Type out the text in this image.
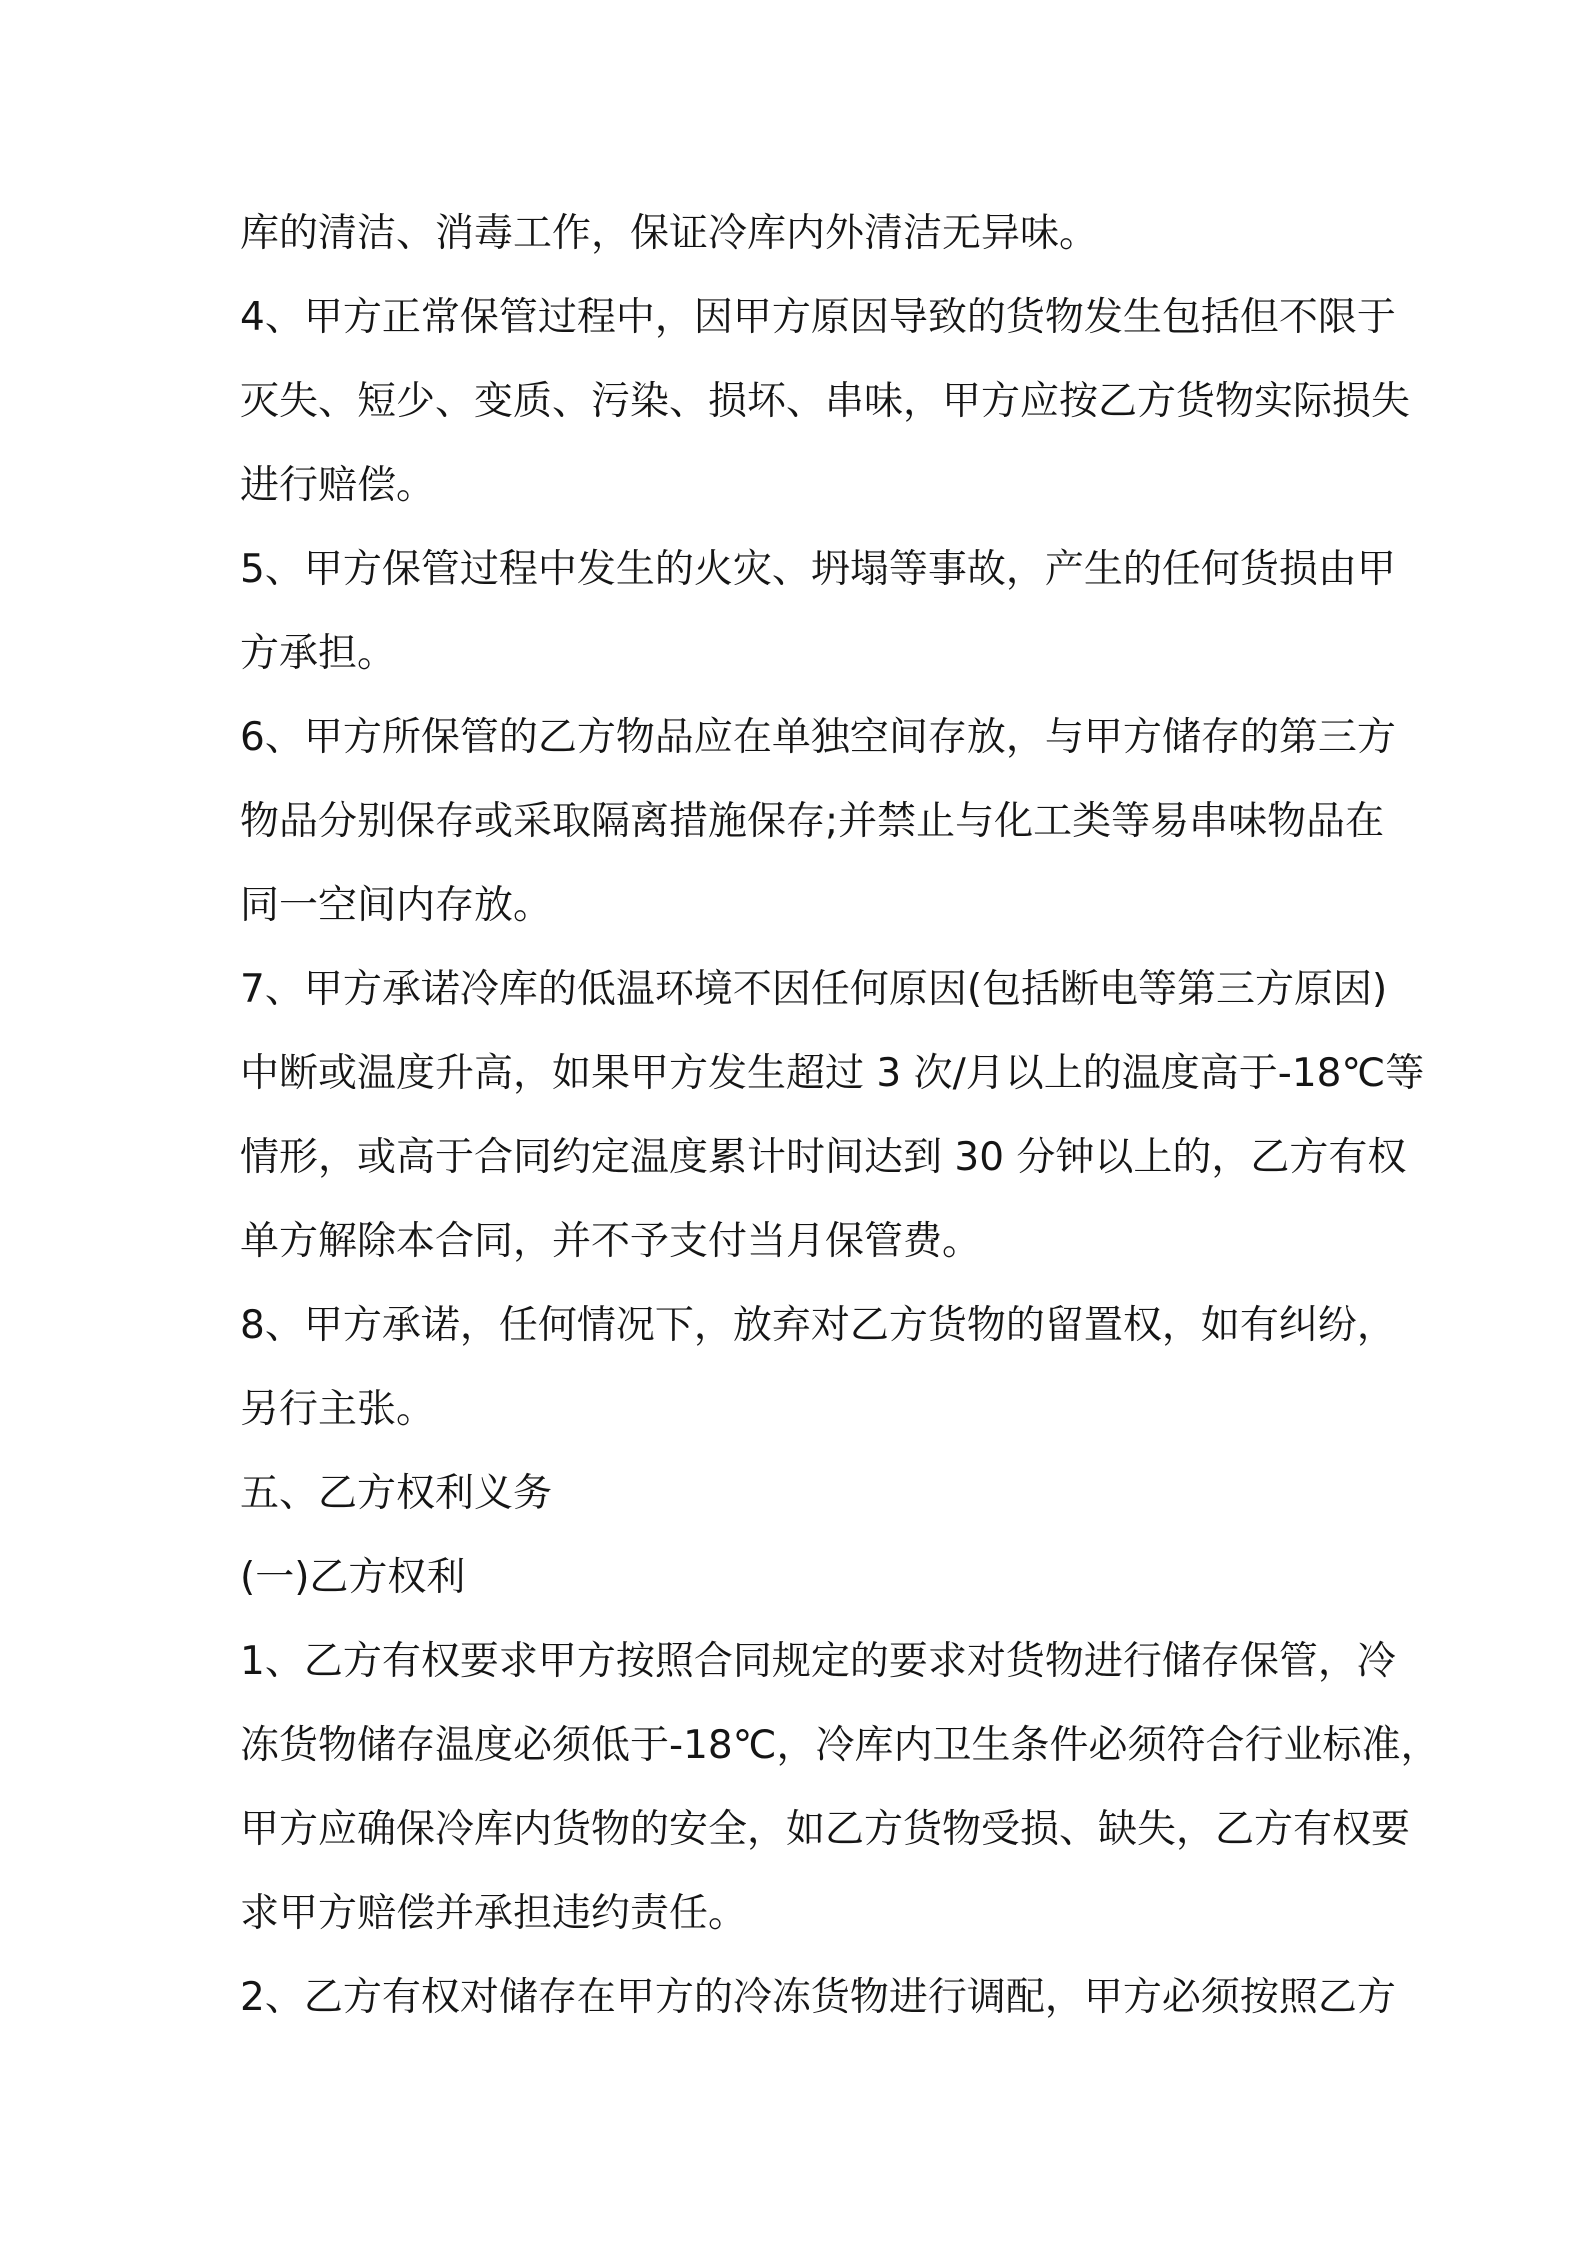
库的清洁、消毒工作，保证冷库内外清洁无异味。
4、甲方正常保管过程中，因甲方原因导致的货物发生包括但不限于
灭失、短少、变质、污染、损坏、串味，甲方应按乙方货物实际损失
进行赔偿。
5、甲方保管过程中发生的火灾、坍塌等事故，产生的任何货损由甲
方承担。
6、甲方所保管的乙方物品应在单独空间存放，与甲方储存的第三方
物品分别保存或采取隔离措施保存;并禁止与化工类等易串味物品在
同一空间内存放。
7、甲方承诺冷库的低温环境不因任何原因(包括断电等第三方原因)
中断或温度升高，如果甲方发生超过 3 次/月以上的温度高于-18℃等
情形，或高于合同约定温度累计时间达到 30 分钟以上的，乙方有权
单方解除本合同，并不予支付当月保管费。
8、甲方承诺，任何情况下，放弃对乙方货物的留置权，如有纠纷，
另行主张。
五、乙方权利义务
(一)乙方权利
1、乙方有权要求甲方按照合同规定的要求对货物进行储存保管，冷
冻货物储存温度必须低于-18℃，冷库内卫生条件必须符合行业标准，
甲方应确保冷库内货物的安全，如乙方货物受损、缺失，乙方有权要
求甲方赔偿并承担违约责任。
2、乙方有权对储存在甲方的冷冻货物进行调配，甲方必须按照乙方
